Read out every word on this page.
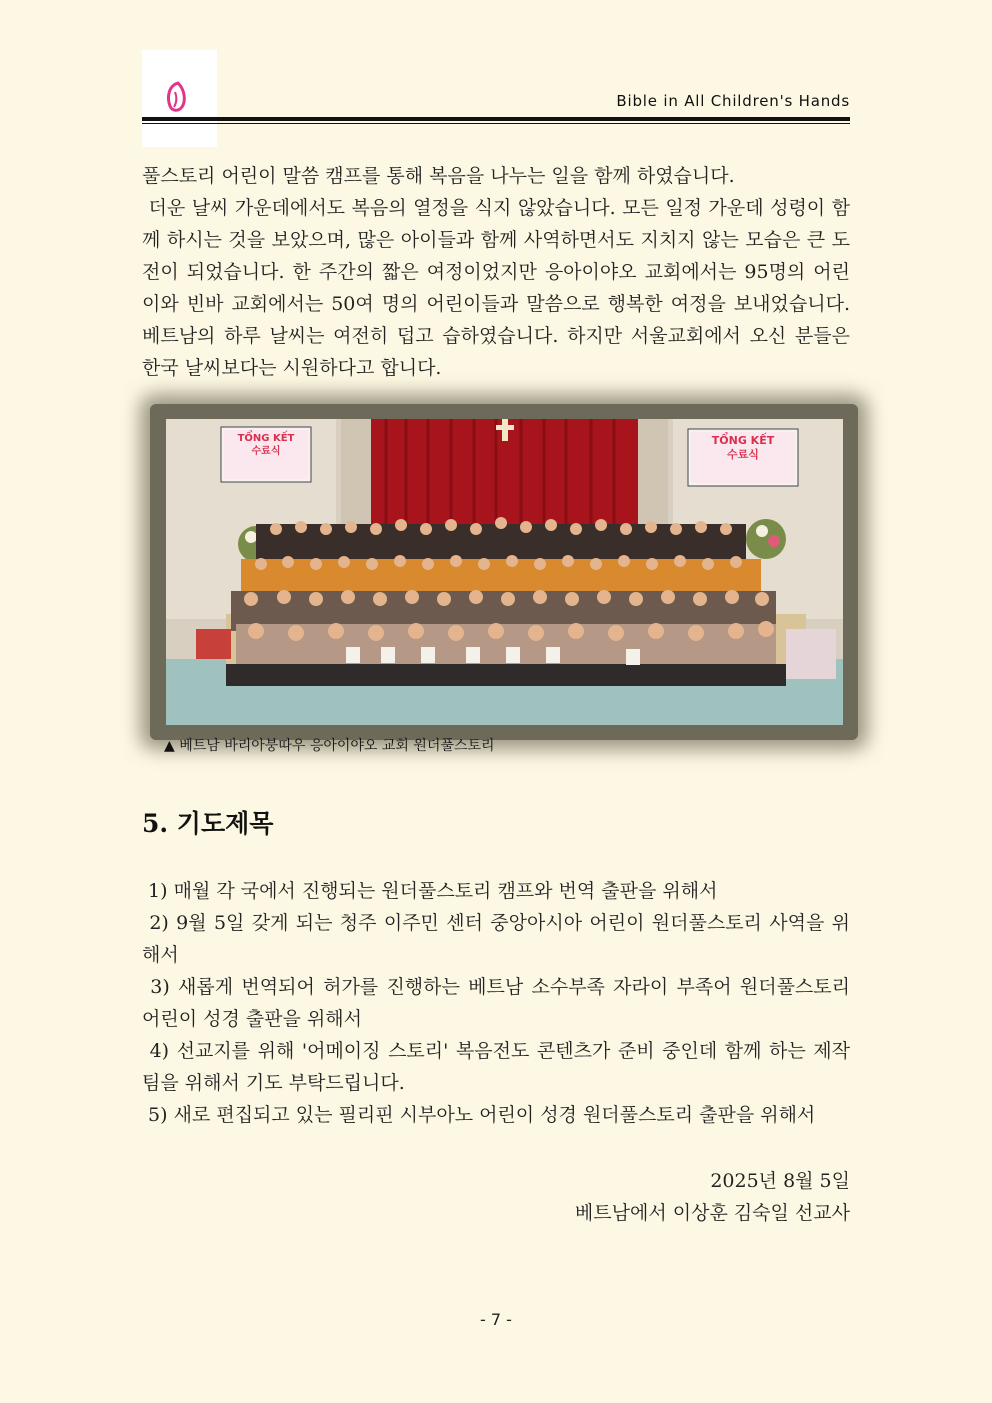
Bible in All Children's Hands

풀스토리 어린이 말씀 캠프를 통해 복음을 나누는 일을 함께 하였습니다.

더운 날씨 가운데에서도 복음의 열정을 식지 않았습니다. 모든 일정 가운데 성령이 함께 하시는 것을 보았으며, 많은 아이들과 함께 사역하면서도 지치지 않는 모습은 큰 도전이 되었습니다. 한 주간의 짧은 여정이었지만 응아이야오 교회에서는 95명의 어린이와 빈바 교회에서는 50여 명의 어린이들과 말씀으로 행복한 여정을 보내었습니다. 베트남의 하루 날씨는 여전히 덥고 습하였습니다. 하지만 서울교회에서 오신 분들은 한국 날씨보다는 시원하다고 합니다.

TỔNG KẾT
수료식
TỔNG KẾT
수료식
▲ 베트남 바리아붕따우 응아이야오 교회 원더풀스토리
5. 기도제목

1) 매월 각 국에서 진행되는 원더풀스토리 캠프와 번역 출판을 위해서

2) 9월 5일 갖게 되는 청주 이주민 센터 중앙아시아 어린이 원더풀스토리 사역을 위해서

3) 새롭게 번역되어 허가를 진행하는 베트남 소수부족 자라이 부족어 원더풀스토리 어린이 성경 출판을 위해서

4) 선교지를 위해 '어메이징 스토리' 복음전도 콘텐츠가 준비 중인데 함께 하는 제작팀을 위해서 기도 부탁드립니다.

5) 새로 편집되고 있는 필리핀 시부아노 어린이 성경 원더풀스토리 출판을 위해서

2025년 8월 5일
베트남에서 이상훈 김숙일 선교사
- 7 -
